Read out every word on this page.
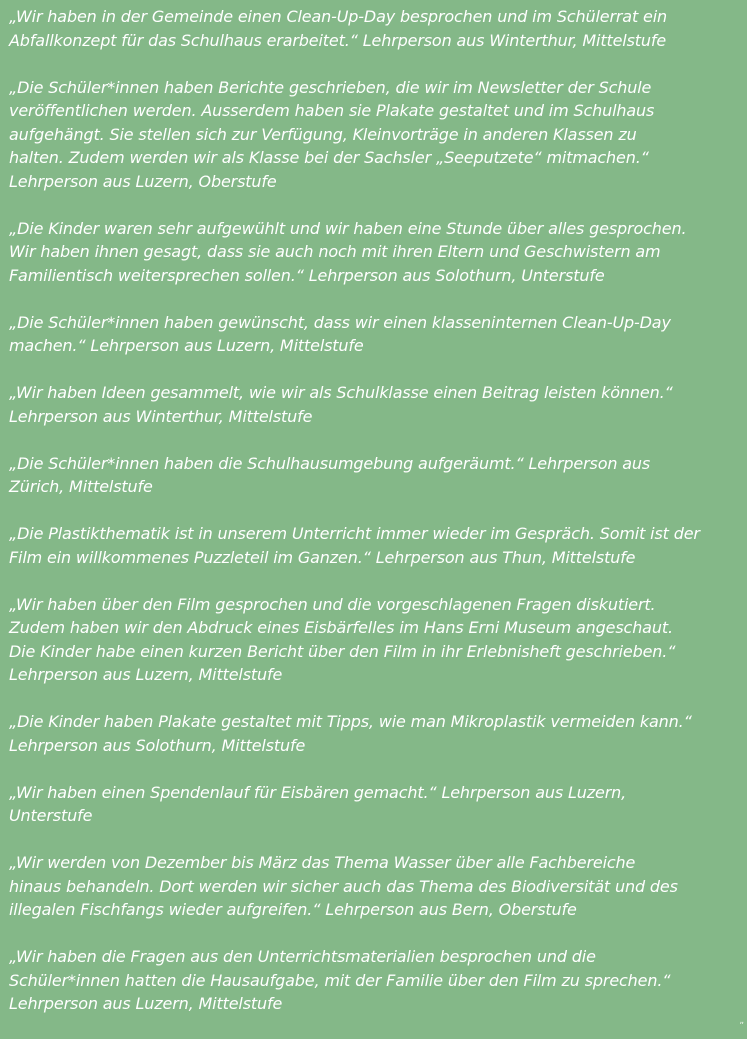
„Wir haben in der Gemeinde einen Clean-Up-Day besprochen und im Schülerrat ein
Abfallkonzept für das Schulhaus erarbeitet.“ Lehrperson aus Winterthur, Mittelstufe
„Die Schüler*innen haben Berichte geschrieben, die wir im Newsletter der Schule
veröffentlichen werden. Ausserdem haben sie Plakate gestaltet und im Schulhaus
aufgehängt. Sie stellen sich zur Verfügung, Kleinvorträge in anderen Klassen zu
halten. Zudem werden wir als Klasse bei der Sachsler „Seeputzete“ mitmachen.“
Lehrperson aus Luzern, Oberstufe
„Die Kinder waren sehr aufgewühlt und wir haben eine Stunde über alles gesprochen.
Wir haben ihnen gesagt, dass sie auch noch mit ihren Eltern und Geschwistern am
Familientisch weitersprechen sollen.“ Lehrperson aus Solothurn, Unterstufe
„Die Schüler*innen haben gewünscht, dass wir einen klasseninternen Clean-Up-Day
machen.“ Lehrperson aus Luzern, Mittelstufe
„Wir haben Ideen gesammelt, wie wir als Schulklasse einen Beitrag leisten können.“
Lehrperson aus Winterthur, Mittelstufe
„Die Schüler*innen haben die Schulhausumgebung aufgeräumt.“ Lehrperson aus
Zürich, Mittelstufe
„Die Plastikthematik ist in unserem Unterricht immer wieder im Gespräch. Somit ist der
Film ein willkommenes Puzzleteil im Ganzen.“ Lehrperson aus Thun, Mittelstufe
„Wir haben über den Film gesprochen und die vorgeschlagenen Fragen diskutiert.
Zudem haben wir den Abdruck eines Eisbärfelles im Hans Erni Museum angeschaut.
Die Kinder habe einen kurzen Bericht über den Film in ihr Erlebnisheft geschrieben.“
Lehrperson aus Luzern, Mittelstufe
„Die Kinder haben Plakate gestaltet mit Tipps, wie man Mikroplastik vermeiden kann.“
Lehrperson aus Solothurn, Mittelstufe
„Wir haben einen Spendenlauf für Eisbären gemacht.“ Lehrperson aus Luzern,
Unterstufe
„Wir werden von Dezember bis März das Thema Wasser über alle Fachbereiche
hinaus behandeln. Dort werden wir sicher auch das Thema des Biodiversität und des
illegalen Fischfangs wieder aufgreifen.“ Lehrperson aus Bern, Oberstufe
„Wir haben die Fragen aus den Unterrichtsmaterialien besprochen und die
Schüler*innen hatten die Hausaufgabe, mit der Familie über den Film zu sprechen.“
Lehrperson aus Luzern, Mittelstufe
„
